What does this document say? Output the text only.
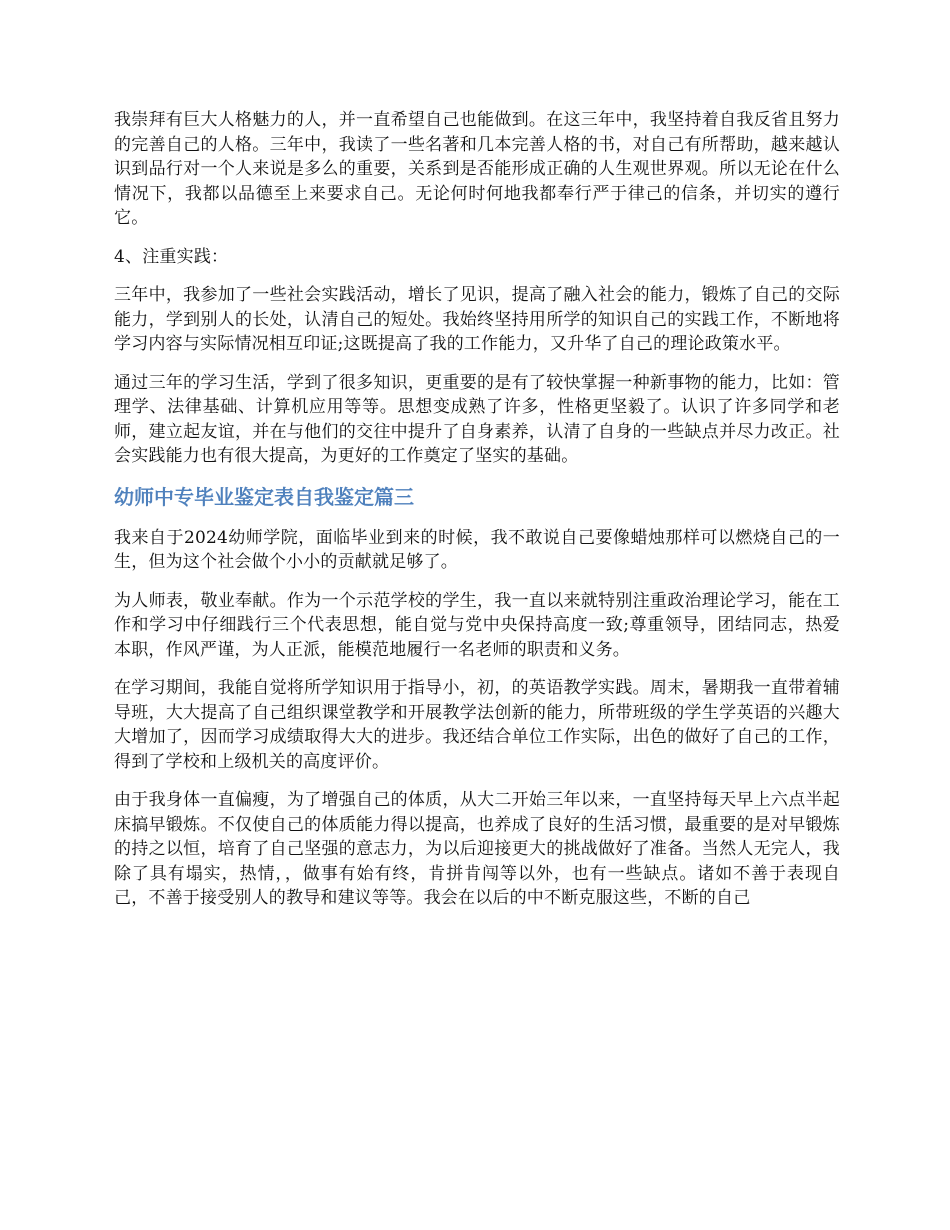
我崇拜有巨大人格魅力的人，并一直希望自己也能做到。在这三年中，我坚持着自我反省且努力的完善自己的人格。三年中，我读了一些名著和几本完善人格的书，对自己有所帮助，越来越认识到品行对一个人来说是多么的重要，关系到是否能形成正确的人生观世界观。所以无论在什么情况下，我都以品德至上来要求自己。无论何时何地我都奉行严于律己的信条，并切实的遵行它。

4、注重实践：

三年中，我参加了一些社会实践活动，增长了见识，提高了融入社会的能力，锻炼了自己的交际能力，学到别人的长处，认清自己的短处。我始终坚持用所学的知识自己的实践工作，不断地将学习内容与实际情况相互印证;这既提高了我的工作能力，又升华了自己的理论政策水平。

通过三年的学习生活，学到了很多知识，更重要的是有了较快掌握一种新事物的能力，比如：管理学、法律基础、计算机应用等等。思想变成熟了许多，性格更坚毅了。认识了许多同学和老师，建立起友谊，并在与他们的交往中提升了自身素养，认清了自身的一些缺点并尽力改正。社会实践能力也有很大提高，为更好的工作奠定了坚实的基础。

幼师中专毕业鉴定表自我鉴定篇三

我来自于2024幼师学院，面临毕业到来的时候，我不敢说自己要像蜡烛那样可以燃烧自己的一生，但为这个社会做个小小的贡献就足够了。

为人师表，敬业奉献。作为一个示范学校的学生，我一直以来就特别注重政治理论学习，能在工作和学习中仔细践行三个代表思想，能自觉与党中央保持高度一致;尊重领导，团结同志，热爱本职，作风严谨，为人正派，能模范地履行一名老师的职责和义务。

在学习期间，我能自觉将所学知识用于指导小，初，的英语教学实践。周末，暑期我一直带着辅导班，大大提高了自己组织课堂教学和开展教学法创新的能力，所带班级的学生学英语的兴趣大大增加了，因而学习成绩取得大大的进步。我还结合单位工作实际，出色的做好了自己的工作，得到了学校和上级机关的高度评价。

由于我身体一直偏瘦，为了增强自己的体质，从大二开始三年以来，一直坚持每天早上六点半起床搞早锻炼。不仅使自己的体质能力得以提高，也养成了良好的生活习惯，最重要的是对早锻炼的持之以恒，培育了自己坚强的意志力，为以后迎接更大的挑战做好了准备。当然人无完人，我除了具有塌实，热情，，做事有始有终，肯拼肯闯等以外，也有一些缺点。诸如不善于表现自己，不善于接受别人的教导和建议等等。我会在以后的中不断克服这些，不断的自己
